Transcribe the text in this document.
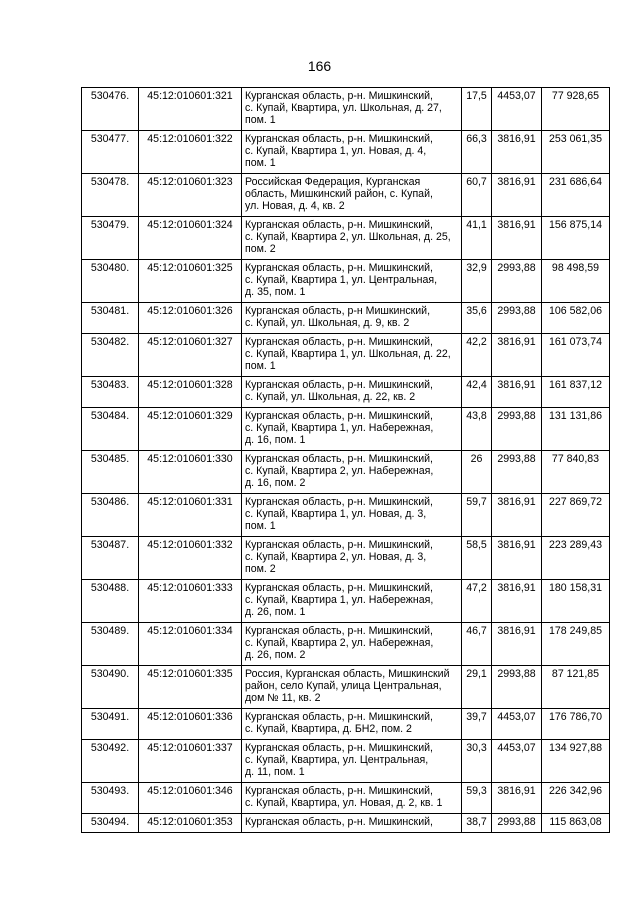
166
530476.	45:12:010601:321	Курганская область, р-н. Мишкинский,
с. Купай, Квартира, ул. Школьная, д. 27,
пом. 1	17,5	4453,07	77 928,65
530477.	45:12:010601:322	Курганская область, р-н. Мишкинский,
с. Купай, Квартира 1, ул. Новая, д. 4,
пом. 1	66,3	3816,91	253 061,35
530478.	45:12:010601:323	Российская Федерация, Курганская
область, Мишкинский район, с. Купай,
ул. Новая, д. 4, кв. 2	60,7	3816,91	231 686,64
530479.	45:12:010601:324	Курганская область, р-н. Мишкинский,
с. Купай, Квартира 2, ул. Школьная, д. 25,
пом. 2	41,1	3816,91	156 875,14
530480.	45:12:010601:325	Курганская область, р-н. Мишкинский,
с. Купай, Квартира 1, ул. Центральная,
д. 35, пом. 1	32,9	2993,88	98 498,59
530481.	45:12:010601:326	Курганская область, р-н Мишкинский,
с. Купай, ул. Школьная, д. 9, кв. 2	35,6	2993,88	106 582,06
530482.	45:12:010601:327	Курганская область, р-н. Мишкинский,
с. Купай, Квартира 1, ул. Школьная, д. 22,
пом. 1	42,2	3816,91	161 073,74
530483.	45:12:010601:328	Курганская область, р-н. Мишкинский,
с. Купай, ул. Школьная, д. 22, кв. 2	42,4	3816,91	161 837,12
530484.	45:12:010601:329	Курганская область, р-н. Мишкинский,
с. Купай, Квартира 1, ул. Набережная,
д. 16, пом. 1	43,8	2993,88	131 131,86
530485.	45:12:010601:330	Курганская область, р-н. Мишкинский,
с. Купай, Квартира 2, ул. Набережная,
д. 16, пом. 2	26	2993,88	77 840,83
530486.	45:12:010601:331	Курганская область, р-н. Мишкинский,
с. Купай, Квартира 1, ул. Новая, д. 3,
пом. 1	59,7	3816,91	227 869,72
530487.	45:12:010601:332	Курганская область, р-н. Мишкинский,
с. Купай, Квартира 2, ул. Новая, д. 3,
пом. 2	58,5	3816,91	223 289,43
530488.	45:12:010601:333	Курганская область, р-н. Мишкинский,
с. Купай, Квартира 1, ул. Набережная,
д. 26, пом. 1	47,2	3816,91	180 158,31
530489.	45:12:010601:334	Курганская область, р-н. Мишкинский,
с. Купай, Квартира 2, ул. Набережная,
д. 26, пом. 2	46,7	3816,91	178 249,85
530490.	45:12:010601:335	Россия, Курганская область, Мишкинский
район, село Купай, улица Центральная,
дом № 11, кв. 2	29,1	2993,88	87 121,85
530491.	45:12:010601:336	Курганская область, р-н. Мишкинский,
с. Купай, Квартира, д. БН2, пом. 2	39,7	4453,07	176 786,70
530492.	45:12:010601:337	Курганская область, р-н. Мишкинский,
с. Купай, Квартира, ул. Центральная,
д. 11, пом. 1	30,3	4453,07	134 927,88
530493.	45:12:010601:346	Курганская область, р-н. Мишкинский,
с. Купай, Квартира, ул. Новая, д. 2, кв. 1	59,3	3816,91	226 342,96
530494.	45:12:010601:353	Курганская область, р-н. Мишкинский,	38,7	2993,88	115 863,08
